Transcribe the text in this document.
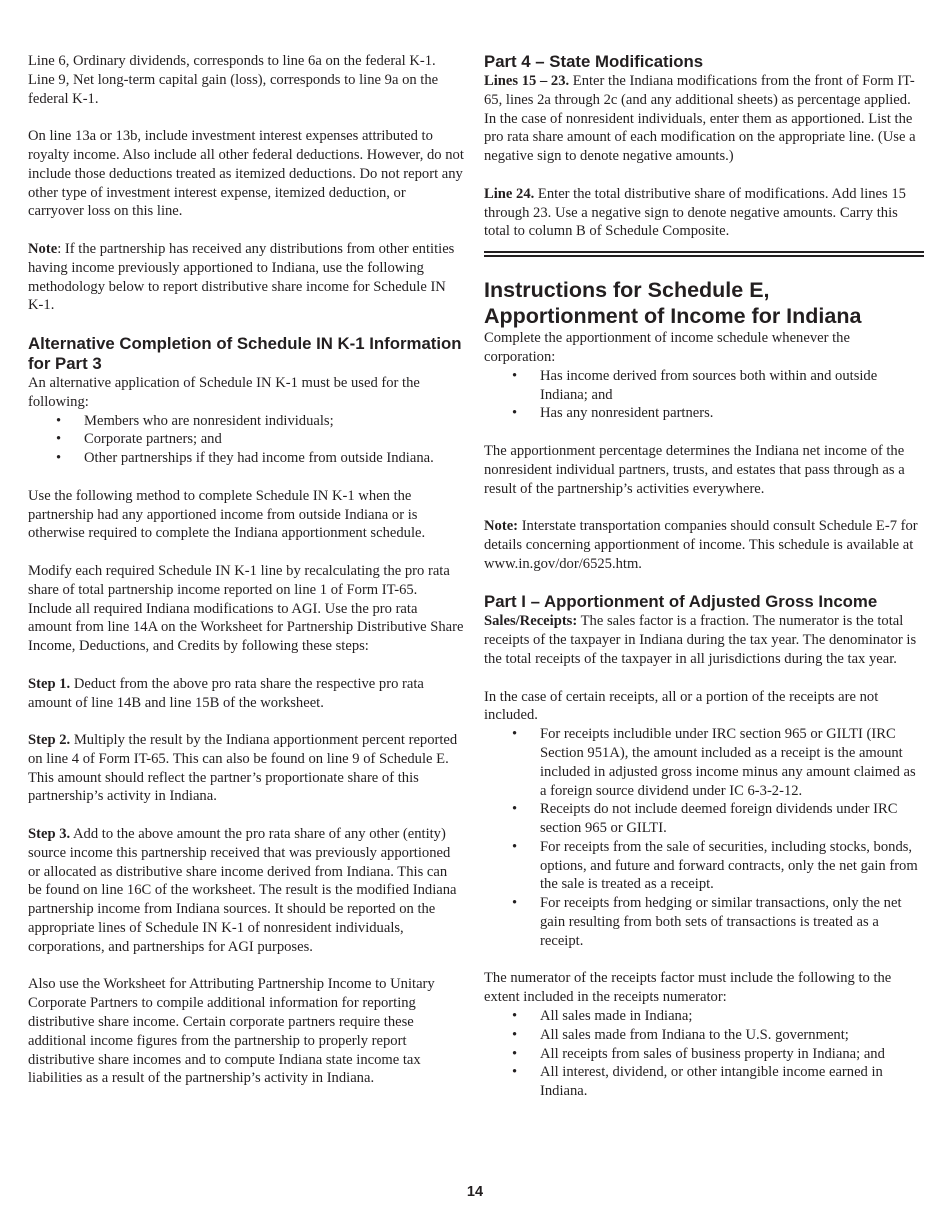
Line 6, Ordinary dividends, corresponds to line 6a on the federal K-1. Line 9, Net long-term capital gain (loss), corresponds to line 9a on the federal K-1.

On line 13a or 13b, include investment interest expenses attributed to royalty income. Also include all other federal deductions. However, do not include those deductions treated as itemized deductions. Do not report any other type of investment interest expense, itemized deduction, or carryover loss on this line.

Note: If the partnership has received any distributions from other entities having income previously apportioned to Indiana, use the following methodology below to report distributive share income for Schedule IN K-1.

Alternative Completion of Schedule IN K-1 Information for Part 3

An alternative application of Schedule IN K-1 must be used for the following:

• Members who are nonresident individuals;
• Corporate partners; and
• Other partnerships if they had income from outside Indiana.

Use the following method to complete Schedule IN K-1 when the partnership had any apportioned income from outside Indiana or is otherwise required to complete the Indiana apportionment schedule.

Modify each required Schedule IN K-1 line by recalculating the pro rata share of total partnership income reported on line 1 of Form IT-65. Include all required Indiana modifications to AGI. Use the pro rata amount from line 14A on the Worksheet for Partnership Distributive Share Income, Deductions, and Credits by following these steps:

Step 1. Deduct from the above pro rata share the respective pro rata amount of line 14B and line 15B of the worksheet.

Step 2. Multiply the result by the Indiana apportionment percent reported on line 4 of Form IT-65. This can also be found on line 9 of Schedule E. This amount should reflect the partner’s proportionate share of this partnership’s activity in Indiana.

Step 3. Add to the above amount the pro rata share of any other (entity) source income this partnership received that was previously apportioned or allocated as distributive share income derived from Indiana. This can be found on line 16C of the worksheet. The result is the modified Indiana partnership income from Indiana sources. It should be reported on the appropriate lines of Schedule IN K-1 of nonresident individuals, corporations, and partnerships for AGI purposes.

Also use the Worksheet for Attributing Partnership Income to Unitary Corporate Partners to compile additional information for reporting distributive share income. Certain corporate partners require these additional income figures from the partnership to properly report distributive share incomes and to compute Indiana state income tax liabilities as a result of the partnership’s activity in Indiana.

Part 4 – State Modifications

Lines 15 – 23. Enter the Indiana modifications from the front of Form IT-65, lines 2a through 2c (and any additional sheets) as percentage applied. In the case of nonresident individuals, enter them as apportioned. List the pro rata share amount of each modification on the appropriate line. (Use a negative sign to denote negative amounts.)

Line 24. Enter the total distributive share of modifications. Add lines 15 through 23. Use a negative sign to denote negative amounts. Carry this total to column B of Schedule Composite.

Instructions for Schedule E,
Apportionment of Income for Indiana

Complete the apportionment of income schedule whenever the corporation:

• Has income derived from sources both within and outside Indiana; and
• Has any nonresident partners.

The apportionment percentage determines the Indiana net income of the nonresident individual partners, trusts, and estates that pass through as a result of the partnership’s activities everywhere.

Note: Interstate transportation companies should consult Schedule E-7 for details concerning apportionment of income. This schedule is available at www.in.gov/dor/6525.htm.

Part I – Apportionment of Adjusted Gross Income

Sales/Receipts: The sales factor is a fraction. The numerator is the total receipts of the taxpayer in Indiana during the tax year. The denominator is the total receipts of the taxpayer in all jurisdictions during the tax year.

In the case of certain receipts, all or a portion of the receipts are not included.

• For receipts includible under IRC section 965 or GILTI (IRC Section 951A), the amount included as a receipt is the amount included in adjusted gross income minus any amount claimed as a foreign source dividend under IC 6-3-2-12.
• Receipts do not include deemed foreign dividends under IRC section 965 or GILTI.
• For receipts from the sale of securities, including stocks, bonds, options, and future and forward contracts, only the net gain from the sale is treated as a receipt.
• For receipts from hedging or similar transactions, only the net gain resulting from both sets of transactions is treated as a receipt.

The numerator of the receipts factor must include the following to the extent included in the receipts numerator:

• All sales made in Indiana;
• All sales made from Indiana to the U.S. government;
• All receipts from sales of business property in Indiana; and
• All interest, dividend, or other intangible income earned in Indiana.
14
